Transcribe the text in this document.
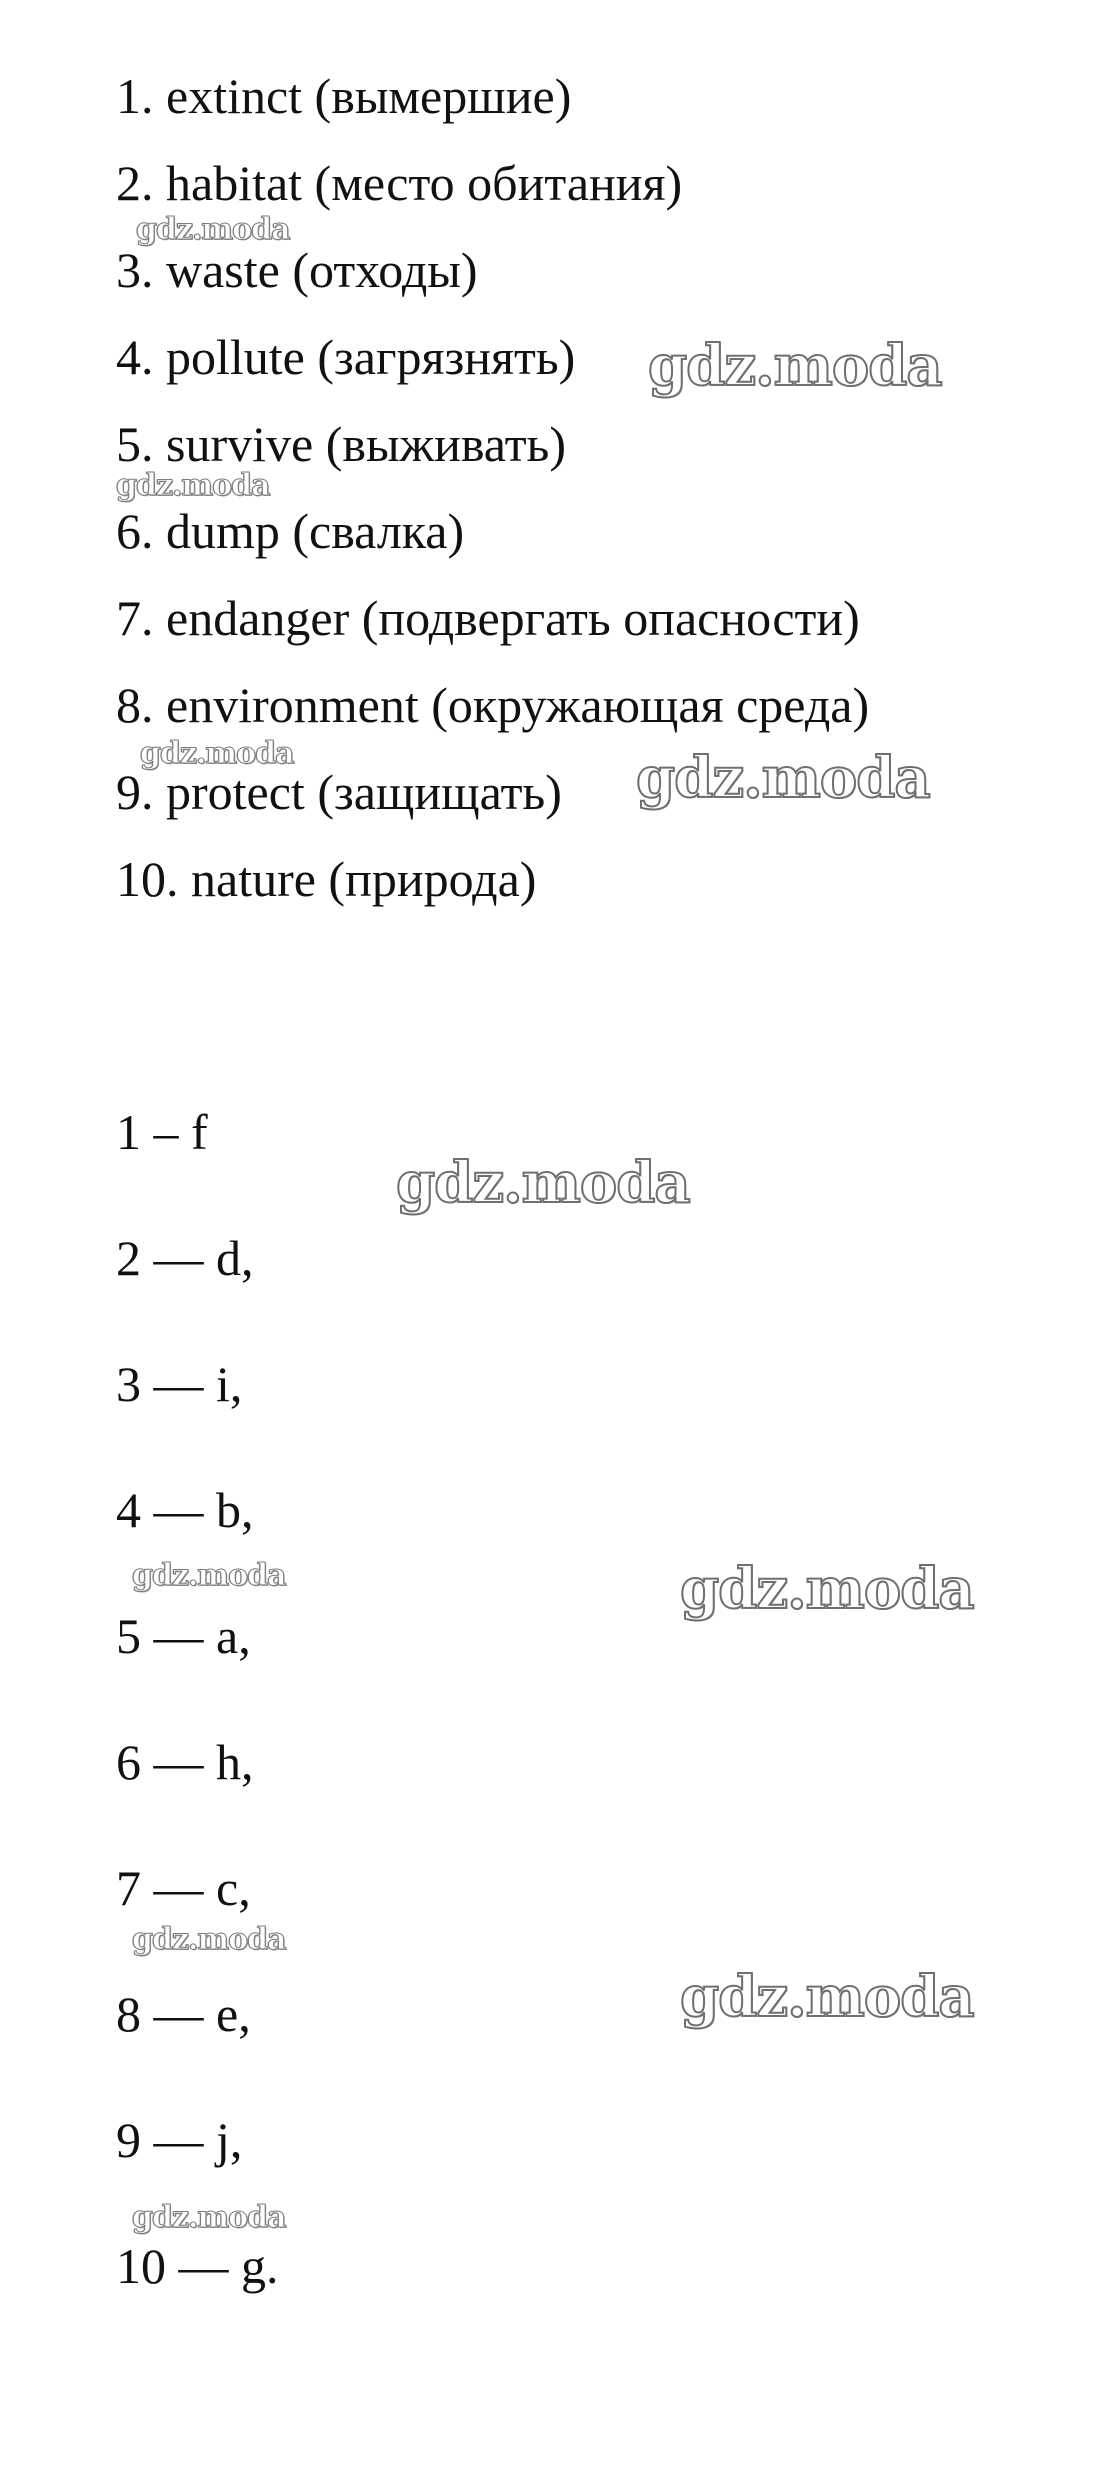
1. extinct (вымершие)
2. habitat (место обитания)
3. waste (отходы)
4. pollute (загрязнять)
5. survive (выживать)
6. dump (свалка)
7. endanger (подвергать опасности)
8. environment (окружающая среда)
9. protect (защищать)
10. nature (природа)
1 – f
2 — d,
3 — i,
4 — b,
5 — a,
6 — h,
7 — c,
8 — e,
9 — j,
10 — g.
gdz.moda
gdz.moda
gdz.moda
gdz.moda	gdz.moda
gdz.moda
gdz.moda	gdz.moda
gdz.moda
gdz.moda
gdz.moda
